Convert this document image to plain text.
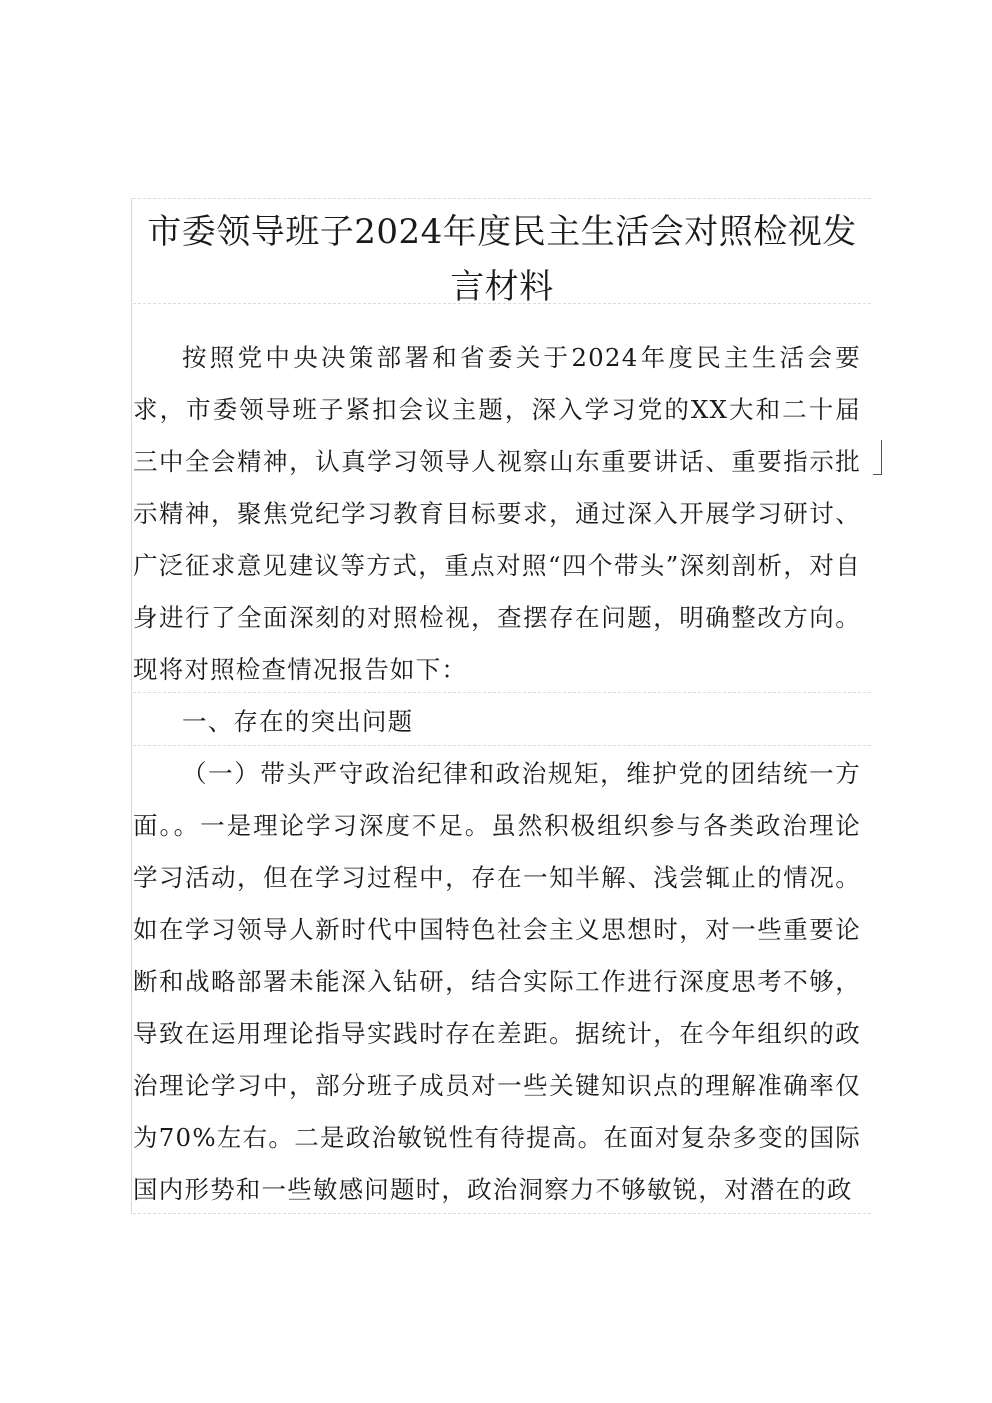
市委领导班子2024年度民主生活会对照检视发言材料

按照党中央决策部署和省委关于2024年度民主生活会要求，市委领导班子紧扣会议主题，深入学习党的XX大和二十届三中全会精神，认真学习领导人视察山东重要讲话、重要指示批示精神，聚焦党纪学习教育目标要求，通过深入开展学习研讨、广泛征求意见建议等方式，重点对照“四个带头”深刻剖析，对自身进行了全面深刻的对照检视，查摆存在问题，明确整改方向。现将对照检查情况报告如下：

一、存在的突出问题

（一）带头严守政治纪律和政治规矩，维护党的团结统一方面。。一是理论学习深度不足。虽然积极组织参与各类政治理论学习活动，但在学习过程中，存在一知半解、浅尝辄止的情况。如在学习领导人新时代中国特色社会主义思想时，对一些重要论断和战略部署未能深入钻研，结合实际工作进行深度思考不够，导致在运用理论指导实践时存在差距。据统计，在今年组织的政治理论学习中，部分班子成员对一些关键知识点的理解准确率仅为70%左右。二是政治敏锐性有待提高。在面对复杂多变的国际国内形势和一些敏感问题时，政治洞察力不够敏锐，对潜在的政
